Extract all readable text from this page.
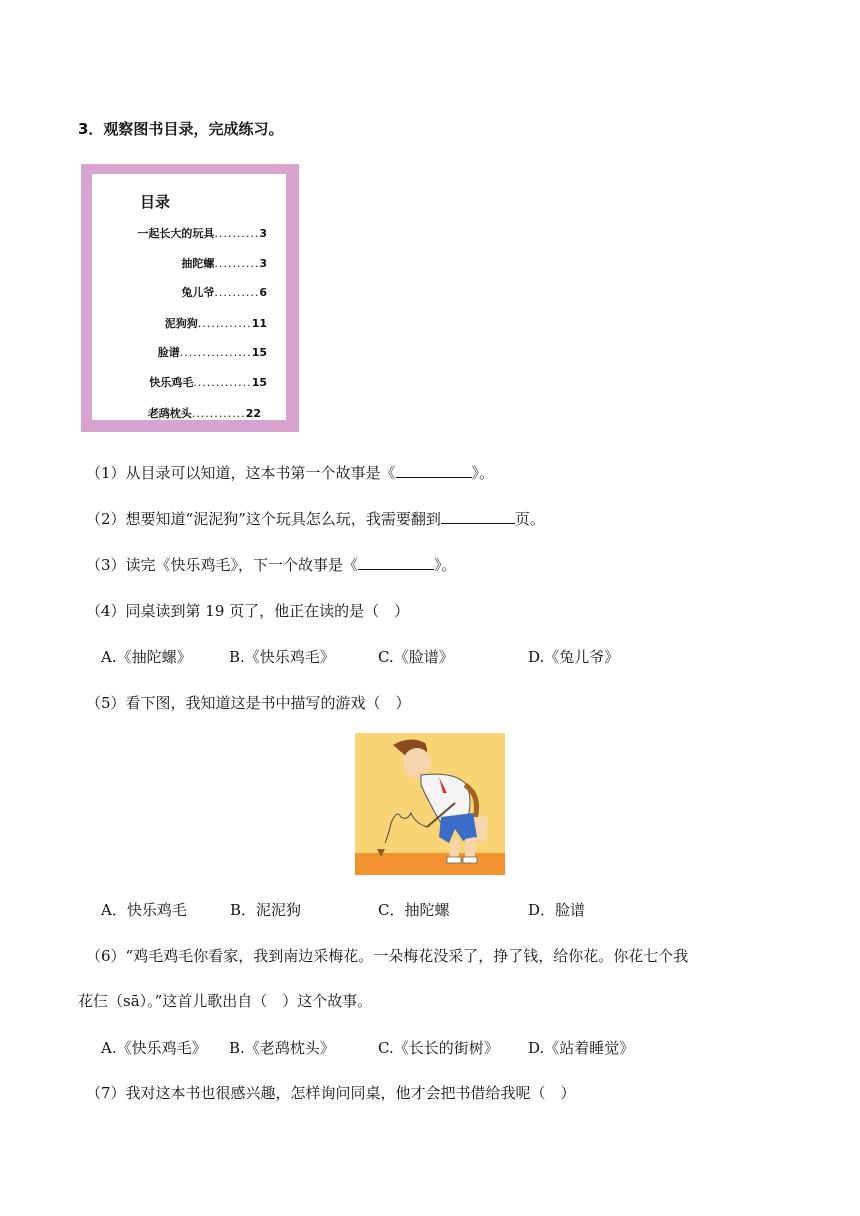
3．观察图书目录，完成练习。
目录
一起长大的玩具..........3
抽陀螺..........3
兔儿爷..........6
泥狗狗............11
脸谱................15
快乐鸡毛.............15
老鸹枕头............22
（1）从目录可以知道，这本书第一个故事是《	》。
（2）想要知道“泥泥狗”这个玩具怎么玩，我需要翻到	页。
（3）读完《快乐鸡毛》，下一个故事是《	》。
（4）同桌读到第 19 页了，他正在读的是（　）
A.《抽陀螺》 B.《快乐鸡毛》	C.《脸谱》	D.《兔儿爷》
（5）看下图，我知道这是书中描写的游戏（　）
A．快乐鸡毛	B．泥泥狗	C．抽陀螺	D．脸谱
（6）“鸡毛鸡毛你看家，我到南边采梅花。一朵梅花没采了，挣了钱，给你花。你花七个我
花仨（sā）。”这首儿歌出自（　）这个故事。
A.《快乐鸡毛》 B.《老鸹枕头》	C.《长长的街树》 D.《站着睡觉》
（7）我对这本书也很感兴趣，怎样询问同桌，他才会把书借给我呢（　）
